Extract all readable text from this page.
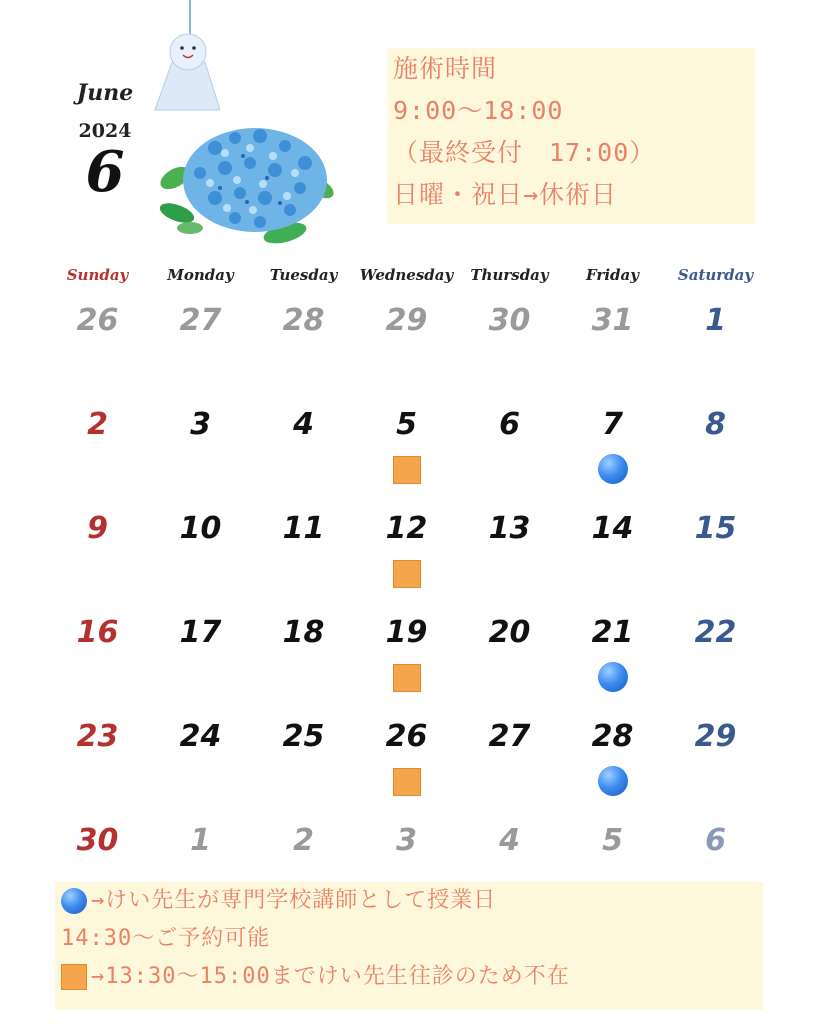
June
2024
6
施術時間
9:00～18:00
（最終受付　17:00）
日曜・祝日→休術日
Sunday	Monday	Tuesday	Wednesday	Thursday	Friday	Saturday
26	27	28	29	30	31	1
2	3	4	5	6	7	8
9	10	11	12	13	14	15
16	17	18	19	20	21	22
23	24	25	26	27	28	29
30	1	2	3	4	5	6
→けい先生が専門学校講師として授業日
14:30～ご予約可能
→13:30～15:00までけい先生往診のため不在
